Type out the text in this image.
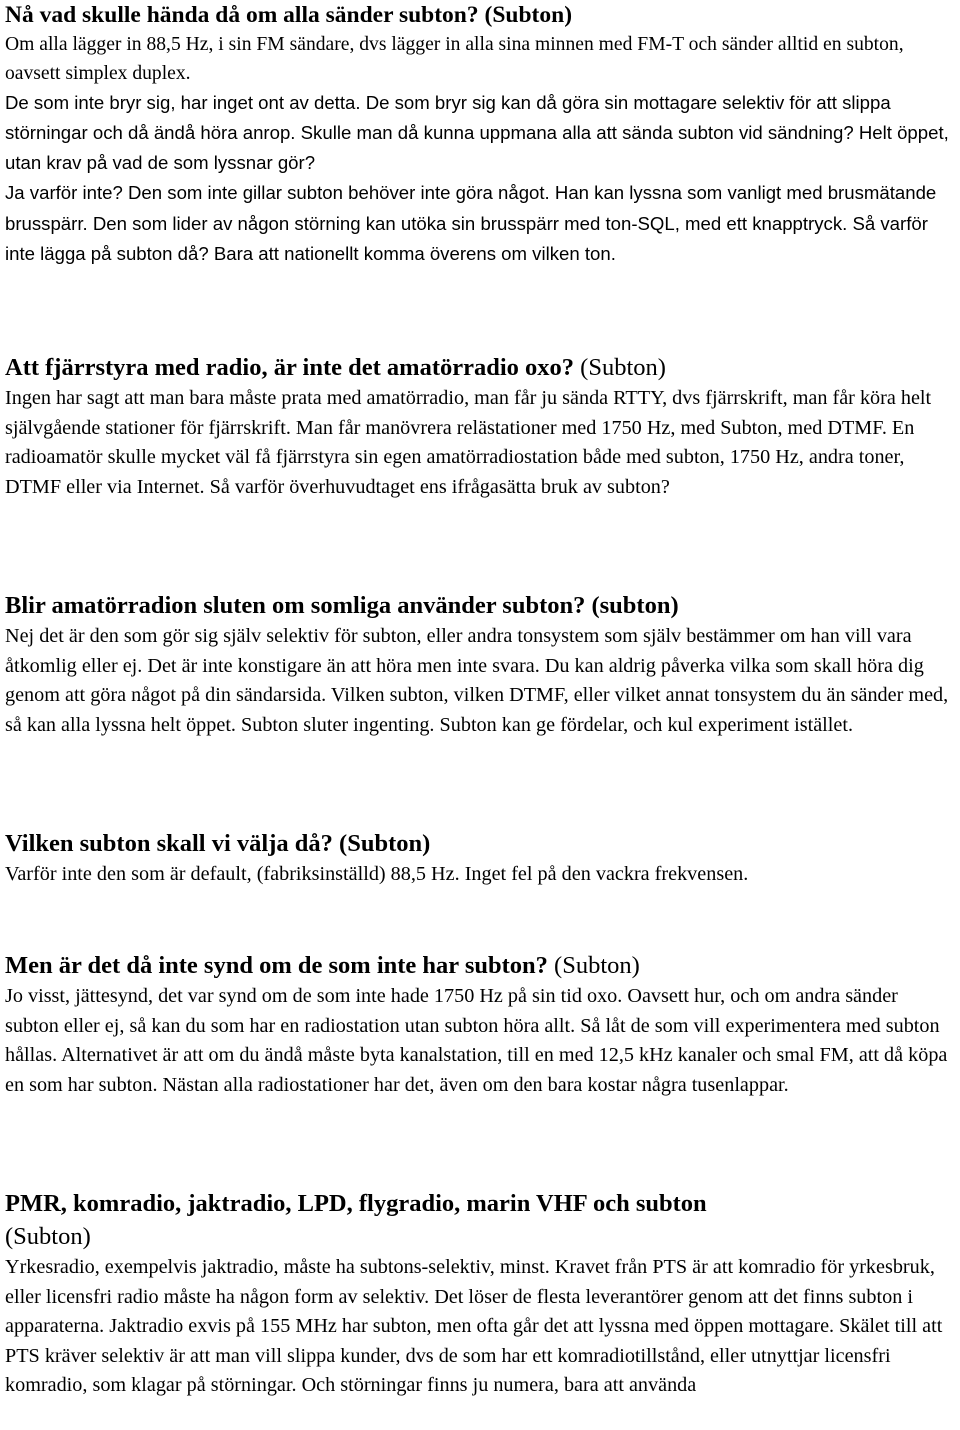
Nå vad skulle hända då om alla sänder subton? (Subton)

Om alla lägger in 88,5 Hz, i sin FM sändare, dvs lägger in alla sina minnen med FM-T och sänder alltid en subton, oavsett simplex duplex.
De som inte bryr sig, har inget ont av detta. De som bryr sig kan då göra sin mottagare selektiv för att slippa störningar och då ändå höra anrop. Skulle man då kunna uppmana alla att sända subton vid sändning? Helt öppet, utan krav på vad de som lyssnar gör?
Ja varför inte? Den som inte gillar subton behöver inte göra något. Han kan lyssna som vanligt med brusmätande brusspärr. Den som lider av någon störning kan utöka sin brusspärr med ton-SQL, med ett knapptryck. Så varför inte lägga på subton då? Bara att nationellt komma överens om vilken ton.

Att fjärrstyra med radio, är inte det amatörradio oxo? (Subton)

Ingen har sagt att man bara måste prata med amatörradio, man får ju sända RTTY, dvs fjärrskrift, man får köra helt självgående stationer för fjärrskrift. Man får manövrera relästationer med 1750 Hz, med Subton, med DTMF. En radioamatör skulle mycket väl få fjärrstyra sin egen amatörradiostation både med subton, 1750 Hz, andra toner, DTMF eller via Internet. Så varför överhuvudtaget ens ifrågasätta bruk av subton?

Blir amatörradion sluten om somliga använder subton? (subton)

Nej det är den som gör sig själv selektiv för subton, eller andra tonsystem som själv bestämmer om han vill vara åtkomlig eller ej. Det är inte konstigare än att höra men inte svara. Du kan aldrig påverka vilka som skall höra dig genom att göra något på din sändarsida. Vilken subton, vilken DTMF, eller vilket annat tonsystem du än sänder med, så kan alla lyssna helt öppet. Subton sluter ingenting. Subton kan ge fördelar, och kul experiment istället.

Vilken subton skall vi välja då? (Subton)

Varför inte den som är default, (fabriksinställd) 88,5 Hz. Inget fel på den vackra frekvensen.

Men är det då inte synd om de som inte har subton? (Subton)

Jo visst, jättesynd, det var synd om de som inte hade 1750 Hz på sin tid oxo. Oavsett hur, och om andra sänder subton eller ej, så kan du som har en radiostation utan subton höra allt. Så låt de som vill experimentera med subton hållas. Alternativet är att om du ändå måste byta kanalstation, till en med 12,5 kHz kanaler och smal FM, att då köpa en som har subton. Nästan alla radiostationer har det, även om den bara kostar några tusenlappar.

PMR, komradio, jaktradio, LPD, flygradio, marin VHF och subton
(Subton)

Yrkesradio, exempelvis jaktradio, måste ha subtons-selektiv, minst. Kravet från PTS är att komradio för yrkesbruk, eller licensfri radio måste ha någon form av selektiv. Det löser de flesta leverantörer genom att det finns subton i apparaterna. Jaktradio exvis på 155 MHz har subton, men ofta går det att lyssna med öppen mottagare. Skälet till att PTS kräver selektiv är att man vill slippa kunder, dvs de som har ett komradiotillstånd, eller utnyttjar licensfri komradio, som klagar på störningar. Och störningar finns ju numera, bara att använda
